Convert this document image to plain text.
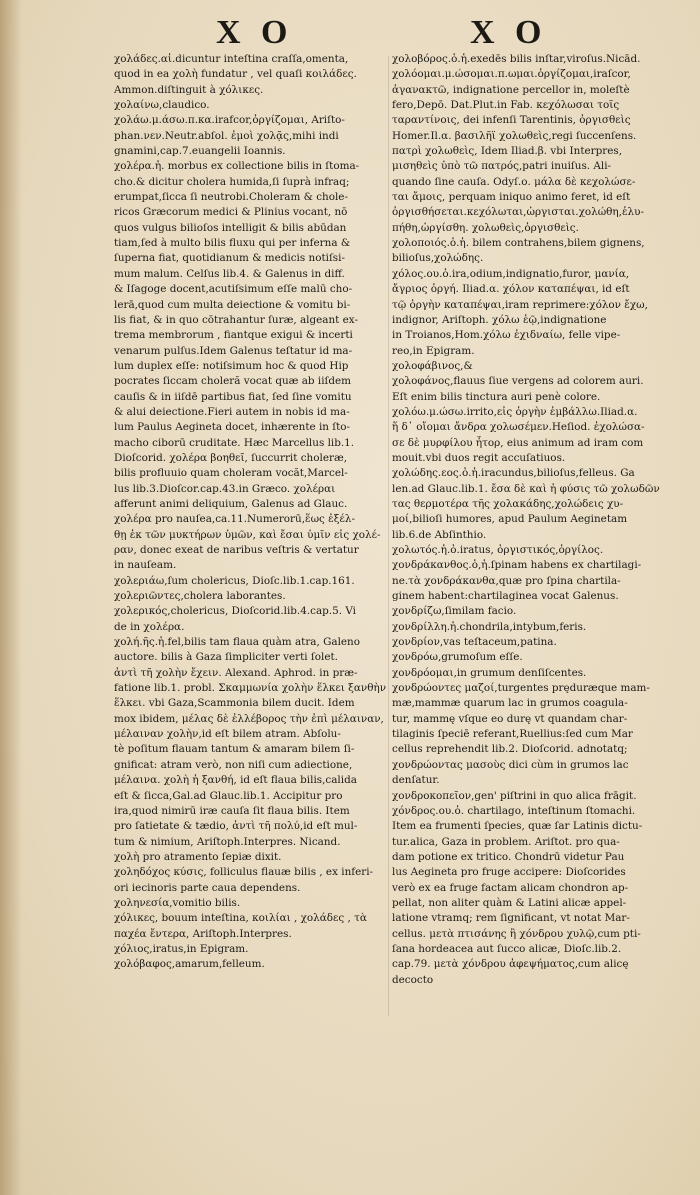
X O	X O
χολάδες.αἱ.dicuntur inteſtina craſſa,omenta,
quod in ea χολὴ fundatur , vel quaſi κοιλάδες.
Ammon.diſtinguit à χόλικες.
χολαίνω,claudico.
χολάω.μ.άσω.π.κα.irafcor,ὀργίζομαι, Ariſto-
phan.νεν.Neutr.abſol. ἐμοὶ χολᾷς,mihi indi
gnamini,cap.7.euangelii Ioannis.
χολέρα.ἡ. morbus ex collectione bilis in ſtoma-
cho.& dicitur cholera humida,ſi ſuprà infraq;
erumpat,ſicca ſi neutrobi.Choleram & chole-
ricos Græcorum medici & Plinius vocant, nō
quos vulgus bilioſos intelligit & bilis abūdan
tiam,ſed à multo bilis fluxu qui per inferna &
ſuperna fiat, quotidianum & medicis notiſsi-
mum malum. Celſus lib.4. & Galenus in diff.
& Iſagoge docent,acutiſsimum eſſe malū cho-
lerā,quod cum multa deiectione & vomitu bi-
lis fiat, & in quo cōtrahantur ſuræ, algeant ex-
trema membrorum , fiantque exigui & incerti
venarum pulſus.Idem Galenus teſtatur id ma-
lum duplex eſſe: notiſsimum hoc & quod Hip
pocrates ſiccam choleră vocat quæ ab iiſdem
cauſis & in iiſdē partibus fiat, ſed ſine vomitu
& alui deiectione.Fieri autem in nobis id ma-
lum Paulus Aegineta docet, inhærente in ſto-
macho ciborū cruditate. Hæc Marcellus lib.1.
Dioſcorid. χολέρα βοηθεῖ, ſuccurrit choleræ,
bilis profluuio quam choleram vocăt,Marcel-
lus lib.3.Dioſcor.cap.43.in Græco. χολέραι
afferunt animi deliquium, Galenus ad Glauc.
χολέρα pro nauſea,ca.11.Numerorū,ἕως ἐξέλ-
θῃ ἐκ τῶν μυκτήρων ὑμῶν, καὶ ἔσαι ὑμῖν εἰς χολέ-
ραν, donec exeat de naribus veſtris & vertatur
in nauſeam.
χολεριάω,ſum cholericus, Dioſc.lib.1.cap.161.
χολεριῶντες,cholera laborantes.
χολερικός,cholericus, Dioſcorid.lib.4.cap.5. Vi
de in χολέρα.
χολή.ῆς.ἡ.fel,bilis tam flaua quàm atra, Galeno
auctore. bilis à Gaza ſimpliciter verti ſolet.
ἀντὶ τῆ χολὴν ἔχειν. Alexand. Aphrod. in præ-
fatione lib.1. probl. Σκαμμωνία χολὴν ἕλκει ξανθὴν
ἕλκει. vbi Gaza,Scammonia bilem ducit. Idem
mox ibidem, μέλας δὲ ἐλλέβορος τὴν ἐπὶ μέλαιναν,
μέλαιναν χολὴν,id eſt bilem atram. Abſolu-
tè poſitum flauam tantum & amaram bilem ſi-
gnificat: atram verò, non niſi cum adiectione,
μέλαινα. χολὴ ἡ ξανθή, id eſt flaua bilis,calida
eſt & ſicca,Gal.ad Glauc.lib.1. Accipitur pro
ira,quod nimirū iræ cauſa ſit flaua bilis. Item
pro ſatietate & tædio, ἀντὶ τῆ πολύ,id eſt mul-
tum & nimium, Ariſtoph.Interpres. Nicand.
χολὴ pro atramento ſepiæ dixit.
χοληδόχος κύσις, folliculus flauæ bilis , ex inferi-
ori iecinoris parte caua dependens.
χοληνεσία,vomitio bilis.
χόλικες, bouum inteſtina, κοιλίαι , χολάδες , τὰ
παχέα ἔντερα, Ariſtoph.Interpres.
χόλιος,iratus,in Epigram.
χολόβαφος,amarum,felleum.
χολοβόρος.ὁ.ἡ.exedēs bilis inſtar,viroſus.Nicād.
χολόομαι.μ.ώσομαι.π.ωμαι.ὀργίζομαι,iraſcor,
ἀγανακτῶ, indignatione percellor in, moleſtè
fero,Depō. Dat.Plut.in Fab. κεχόλωσαι τοῖς
ταραντίνοις, dei infenſi Tarentinis, ὀργισθεὶς
Homer.Il.α. βασιλῆϊ χολωθεὶς,regi ſuccenſens.
πατρὶ χολωθεὶς, Idem Iliad.β. vbi Interpres,
μισηθεὶς ὑπὸ τῶ πατρός,patri inuiſus. Ali-
quando ſine cauſa. Odyſ.ο. μάλα δὲ κεχολώσε-
ται ἄμοις, perquam iniquo animo feret, id eſt
ὀργισθήσεται.κεχόλωται,ὠργισται.χολώθη,ἐλυ-
πήθη,ὠργίσθη. χολωθεὶς,ὀργισθεὶς.
χολοποιός.ὁ.ἡ. bilem contrahens,bilem gignens,
bilioſus,χολώδης.
χόλος.ου.ὁ.ira,odium,indignatio,furor, μανία,
ἄγριος ὀργή. Iliad.α. χόλον καταπέψαι, id eſt
τῷ ὀργὴν καταπέψαι,iram reprimere:χόλον ἔχω,
indignor, Ariſtoph. χόλω ἑῷ,indignatione
in Troianos,Hom.χόλω ἐχιδναίω, felle vipe-
reo,in Epigram.
χολοφάβινος,&
χολοφάνος,flauus ſiue vergens ad colorem auri.
Eſt enim bilis tinctura auri penè colore.
χολόω.μ.ώσω.irrito,εἰς ὀργὴν ἐμβάλλω.Iliad.α.
ἥ δ᾽ οἴομαι ἄνδρα χολωσέμεν.Heſiod. ἐχολώσα-
σε δὲ μυρφίλου ἦτορ, eius animum ad iram com
mouit.vbi duos regit accuſatiuos.
χολώδης.εος.ὁ.ἡ.iracundus,bilioſus,felleus. Ga
len.ad Glauc.lib.1. ἔσα δὲ καὶ ἡ φύσις τῶ χολωδῶν
τας θερμοτέρα τῆς χολακάδης,χολώδεις χυ-
μοί,bilioſi humores, apud Paulum Aeginetam
lib.6.de Abſinthio.
χολωτός.ἡ.ὁ.iratus, ὀργιστικός,ὀργίλος.
χονδράκανθος.ὁ,ἡ.ſpinam habens ex chartilagi-
ne.τὰ χονδράκανθα,quæ pro ſpina chartila-
ginem habent:chartilaginea vocat Galenus.
χονδρίζω,ſimilam facio.
χονδρίλλη.ἡ.chondrila,intybum,feris.
χονδρίον,vas teſtaceum,patina.
χονδρόω,grumoſum eſſe.
χονδρόομαι,in grumum denſiſcentes.
χονδρώοντες μαζοί,turgentes pręduræque mam-
mæ,mammæ quarum lac in grumos coagula-
tur, mammę vſque eo durę vt quandam char-
tilaginis ſpeciē referant,Ruellius:ſed cum Mar
cellus reprehendit lib.2. Dioſcorid. adnotatq;
χονδρώοντας μασοὺς dici cùm in grumos lac
denſatur.
χονδροκοπεῖον,gen' piſtrini in quo alica frāgit.
χόνδρος.ου.ὁ. chartilago, inteſtinum ſtomachi.
Item ea frumenti ſpecies, quæ ſar Latinis dictu-
tur.alica, Gaza in problem. Ariſtot. pro qua-
dam potione ex tritico. Chondrū videtur Pau
lus Aegineta pro fruge accipere: Dioſcorides
verò ex ea fruge factam alicam chondron ap-
pellat, non aliter quàm & Latini alicæ appel-
latione vtramq; rem ſignificant, vt notat Mar-
cellus. μετὰ πτισάνης ἢ χόνδρου χυλῷ,cum pti-
ſana hordeacea aut ſucco alicæ, Dioſc.lib.2.
cap.79. μετὰ χόνδρου ἀφεψήματος,cum alicę
decocto
